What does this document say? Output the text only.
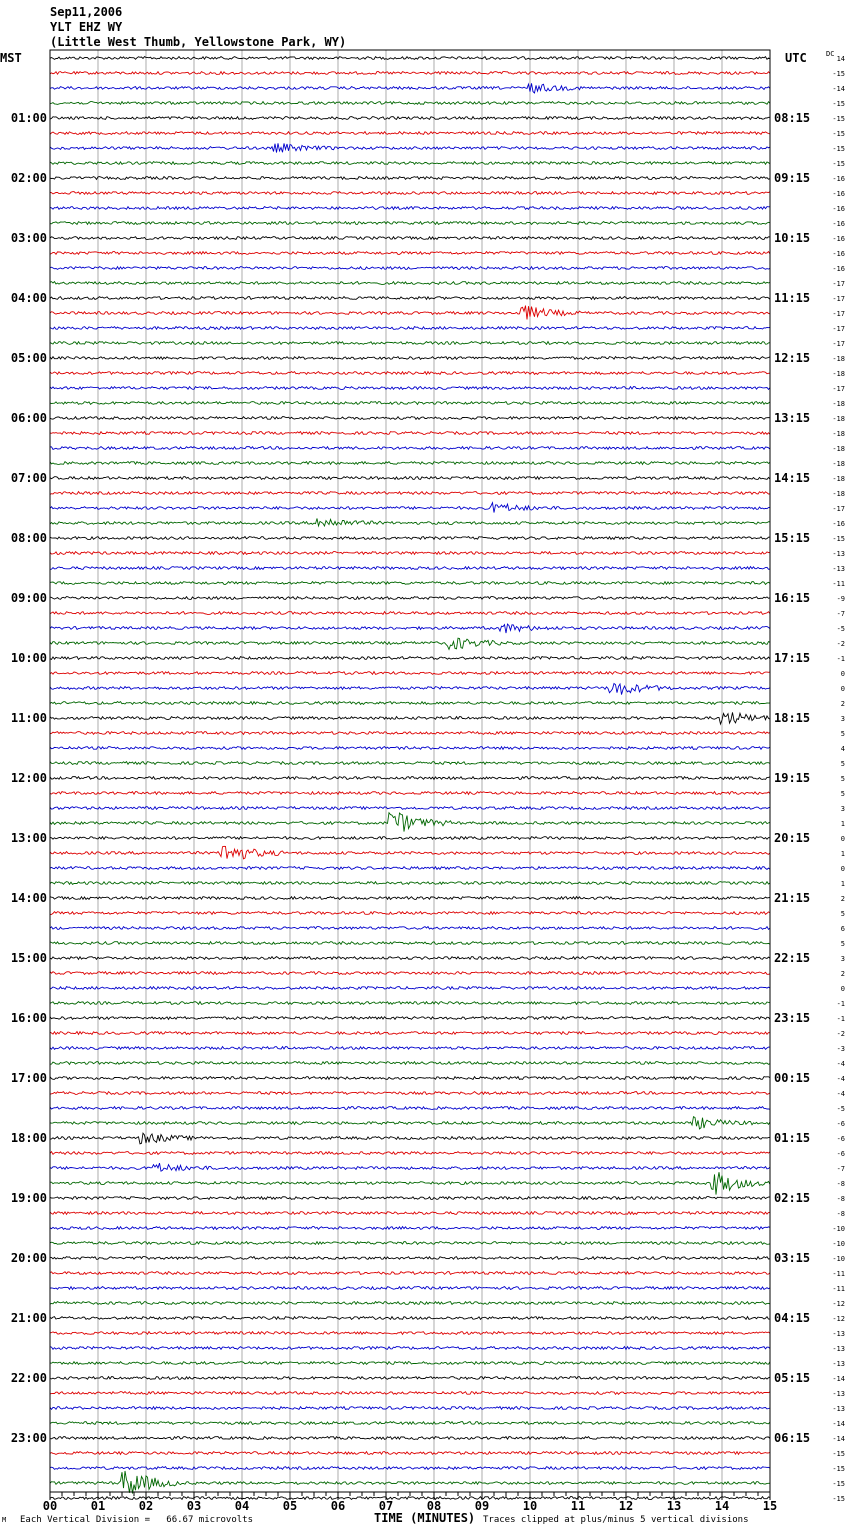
Sep11,2006
YLT EHZ WY
(Little West Thumb, Yellowstone Park, WY)
MST	UTC	DC
01:00
02:00
03:00
04:00
05:00
06:00
07:00
08:00
09:00
10:00
11:00
12:00
13:00
14:00
15:00
16:00
17:00
18:00
19:00
20:00
21:00
22:00
23:00
08:15
09:15
10:15
11:15
12:15
13:15
14:15
15:15
16:15
17:15
18:15
19:15
20:15
21:15
22:15
23:15
00:15
01:15
02:15
03:15
04:15
05:15
06:15
14
-15
-14
-15
-15
-15
-15
-15
-16
-16
-16
-16
-16
-16
-16
-17
-17
-17
-17
-17
-18
-18
-17
-18
-18
-18
-18
-18
-18
-18
-17
-16
-15
-13
-13
-11
-9
-7
-5
-2
-1
0
0
2
3
5
4
5
5
5
3
1
0
1
0
1
2
5
6
5
3
2
0
-1
-1
-2
-3
-4
-4
-4
-5
-6
-6
-6
-7
-8
-8
-8
-10
-10
-10
-11
-11
-12
-12
-13
-13
-13
-14
-13
-13
-14
-14
-15
-15
-15
-15
00	01	02	03	04	05	06	07	08	09	10	11	12	13	14	15
M Each Vertical Division =   66.67 microvolts	TIME (MINUTES) Traces clipped at plus/minus 5 vertical divisions
